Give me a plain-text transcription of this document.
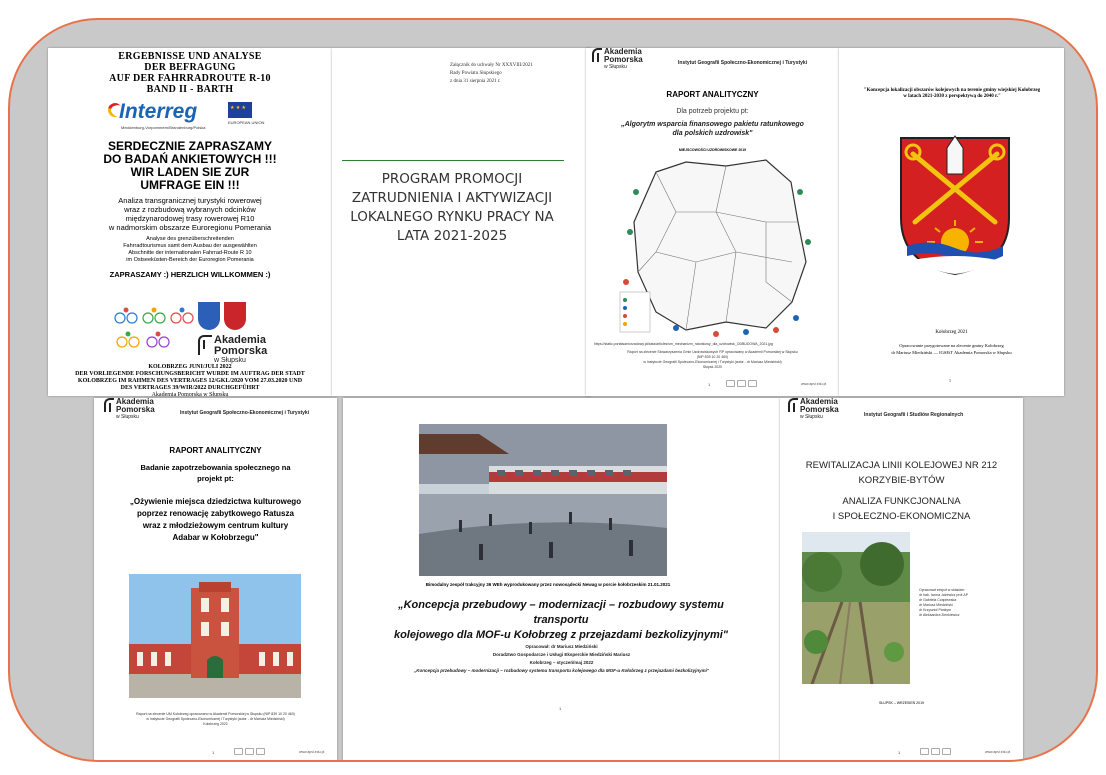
ERGEBNISSE UND ANALYSE
DER BEFRAGUNG
AUF DER FAHRRADROUTE R-10
BAND II - BARTH
Interreg
Mecklenburg-Vorpommern/Brandenburg/Polska
★ ★ ★
EUROPEAN UNION
SERDECZNIE ZAPRASZAMY
DO BADAŃ ANKIETOWYCH !!!
WIR LADEN SIE ZUR
UMFRAGE EIN !!!
Analiza transgranicznej turystyki rowerowej
wraz z rozbudową wybranych odcinków
międzynarodowej trasy rowerowej R10
w nadmorskim obszarze Euroregionu Pomerania
Analyse des grenzüberschreitenden
Fahrradtourismus samt dem Ausbau der ausgewählten
Abschnitte der internationalen Fahrrad-Route R 10
im Ostseeküsten-Bereich der Euroregion Pomerania
ZAPRASZAMY :) HERZLICH WILLKOMMEN :)
Akademia
Pomorska
w Słupsku
KOLOBRZEG JUNI/JULI 2022
DER VORLIEGENDE FORSCHUNGSBERICHT WURDE IM AUFTRAG DER STADT
KOLOBRZEG IM RAHMEN DES VERTRAGES 12/GKL/2020 VOM 27.03.2020 UND
DES VERTRAGES 39/WIR/2022 DURCHGEFÜHRT
Akademia Pomorska w Słupsku
Załącznik do uchwały Nr XXXVIII/2021
Rady Powiatu Słupskiego
z dnia 31 sierpnia 2021 r.
PROGRAM PROMOCJI
ZATRUDNIENIA I AKTYWIZACJI
LOKALNEGO RYNKU PRACY NA
LATA 2021-2025
Akademia
Pomorska
w Słupsku
Instytut Geografii Społeczno-Ekonomicznej i Turystyki
RAPORT ANALITYCZNY
Dla potrzeb projektu pt:
„Algorytm wsparcia finansowego pakietu ratunkowego
dla polskich uzdrowisk"
MIEJSCOWOŚCI UZDROWISKOWE 2019
https://static.portalsamorzadowy.pl/data/articles/sm_mechanizm_ratunkowy_dla_uzdrowisk_ODBUDOWA_2021.jpg
Raport na zlecenie Stowarzyszenia Gmin Uzdrowiskowych RP opracowany w Akademii Pomorskiej w Słupsku
(NIP 839 10 20 460)
w Instytucie Geografii Społeczno-Ekonomicznej i Turystyki (autor - dr Mariusz Miedziński)
Słupsk 2020
1	www.apsl.edu.pl
"Koncepcja lokalizacji obszarów kolejowych na terenie gminy wiejskiej Kołobrzeg
w latach 2021-2030 z perspektywą do 2040 r."
Kołobrzeg 2021
Opracowanie przygotowane na zlecenie gminy Kołobrzeg
dr Mariusz Miedziński — IGSEiT Akademia Pomorska w Słupsku
1
Akademia
Pomorska
w Słupsku
Instytut Geografii Społeczno-Ekonomicznej i Turystyki
RAPORT ANALITYCZNY
Badanie zapotrzebowania społecznego na
projekt pt:
„Ożywienie miejsca dziedzictwa kulturowego
poprzez renowację zabytkowego Ratusza
wraz z młodzieżowym centrum kultury
Adabar w Kołobrzegu"
Raport na zlecenie UM Kołobrzeg opracowano w Akademii Pomorskiej w Słupsku (NIP 839 10 20 460)
w Instytucie Geografii Społeczno-Ekonomicznej i Turystyki (autor - dr Mariusz Miedziński)
Kołobrzeg 2022
1	www.apsl.edu.pl
Bimodalny zespół trakcyjny 36 WEh wyprodukowany przez nowosądecki Newag w porcie kołobrzeskim 21.01.2021
„Koncepcja przebudowy – modernizacji – rozbudowy systemu transportu
kolejowego dla MOF-u Kołobrzeg z przejazdami bezkolizyjnymi"
Opracował: dr Mariusz Miedziński
Doradztwo Gospodarcze i Usługi Eksperckie Miedziński Mariusz
Kołobrzeg – styczeń/maj 2022
„Koncepcja przebudowy – modernizacji – rozbudowy systemu transportu kolejowego dla MOF-u Kołobrzeg z przejazdami bezkolizyjnymi"
1
Akademia
Pomorska
w Słupsku	Instytut Geografii i Studiów Regionalnych
REWITALIZACJA LINII KOLEJOWEJ NR 212
KORZYBIE-BYTÓW
ANALIZA FUNKCJONALNA
I SPOŁECZNO-EKONOMICZNA
Opracował zespół w składzie:
dr hab. Iwona Jażewicz prof.AP
dr Gabriela Czapiewska
dr Mariusz Miedziński
dr Krzysztof Pankym
dr Aleksandra Zienkiewicz
SŁUPSK – WRZESIEŃ 2019
1	www.apsl.edu.pl
